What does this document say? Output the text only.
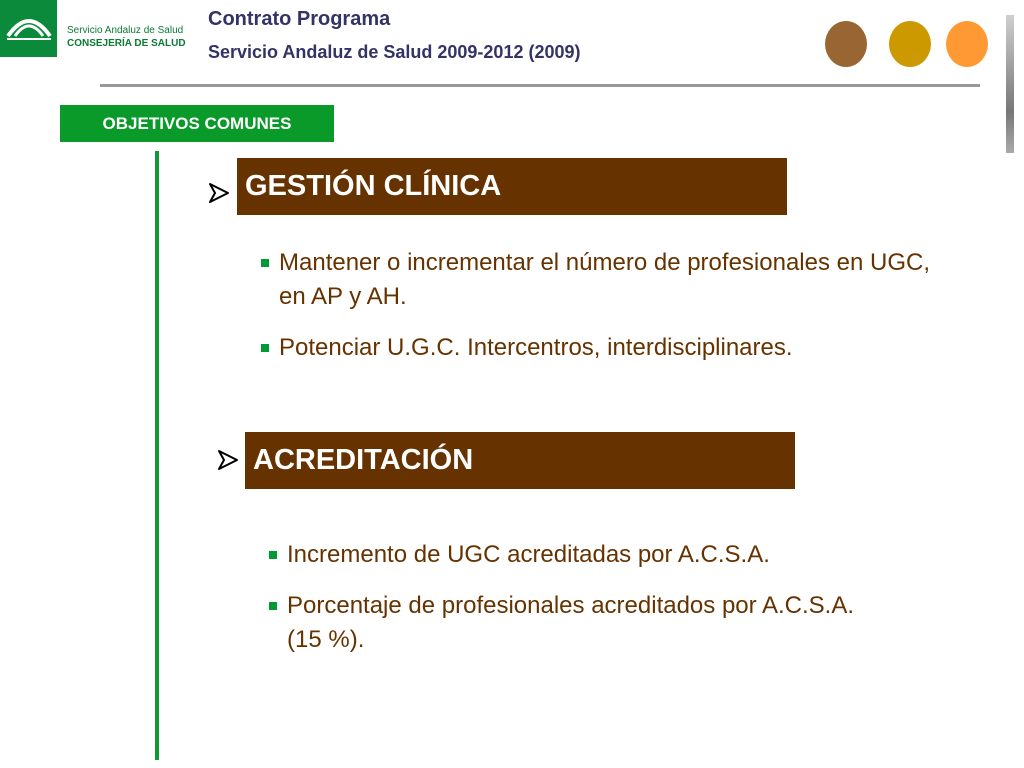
Servicio Andaluz de Salud
CONSEJERÍA DE SALUD
Contrato Programa
Servicio Andaluz de Salud 2009-2012 (2009)
OBJETIVOS COMUNES
GESTIÓN CLÍNICA
Mantener o incrementar el número de profesionales en UGC, en AP y AH.
Potenciar U.G.C. Intercentros, interdisciplinares.
ACREDITACIÓN
Incremento de UGC acreditadas por A.C.S.A.
Porcentaje de profesionales acreditados por A.C.S.A. (15 %).
